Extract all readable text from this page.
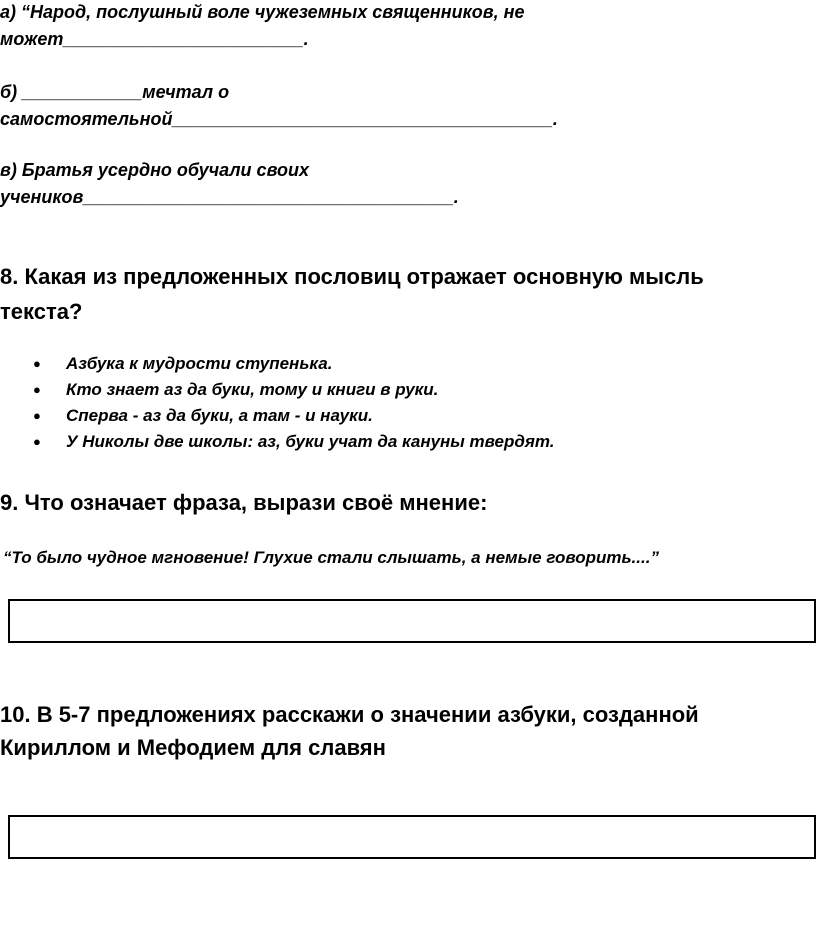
а) “Народ, послушный воле чужеземных священников, не
может________________________.
б) ____________мечтал о
самостоятельной______________________________________.
в) Братья усердно обучали своих
учеников_____________________________________.
8. Какая из предложенных пословиц отражает основную мысль
текста?
● Азбука к мудрости ступенька.
● Кто знает аз да буки, тому и книги в руки.
● Сперва - аз да буки, а там - и науки.
● У Николы две школы: аз, буки учат да кануны твердят.
9. Что означает фраза, вырази своё мнение:
“То было чудное мгновение! Глухие стали слышать, а немые говорить....”
10. В 5-7 предложениях расскажи о значении азбуки, созданной
Кириллом и Мефодием для славян
